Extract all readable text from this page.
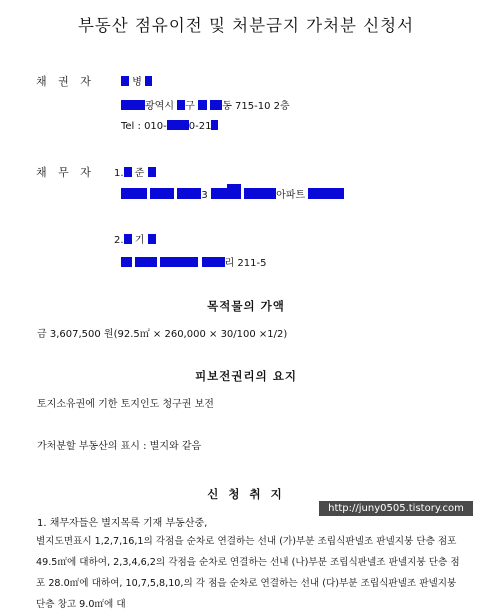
부동산 점유이전 및 처분금지 가처분 신청서
채 권 자	병
광역시 구	동 715-10 2층
Tel : 010- 0-21
채 무 자 1. 준
3	아파트
2. 기
리 211-5
목적물의 가액
금 3,607,500 원(92.5㎡ × 260,000 × 30/100 ×1/2)
피보전권리의 요지
토지소유권에 기한 토지인도 청구권 보전
가처분할 부동산의 표시 : 별지와 같음
신 청 취 지
http://juny0505.tistory.com
1. 채무자들은 별지목록 기재 부동산중,
별지도면표시 1,2,7,16,1의 각점을 순차로 연결하는 선내 (가)부분 조립식판넬조 판넬지붕 단층 점포 49.5㎡에 대하여, 2,3,4,6,2의 각점을 순차로 연결하는 선내 (나)부분 조립식판넬조 판넬지붕 단층 점포 28.0㎡에 대하여, 10,7,5,8,10,의 각 점을 순차로 연결하는 선내 (다)부분 조립식판넬조 판넬지붕 단층 창고 9.0㎡에 대
